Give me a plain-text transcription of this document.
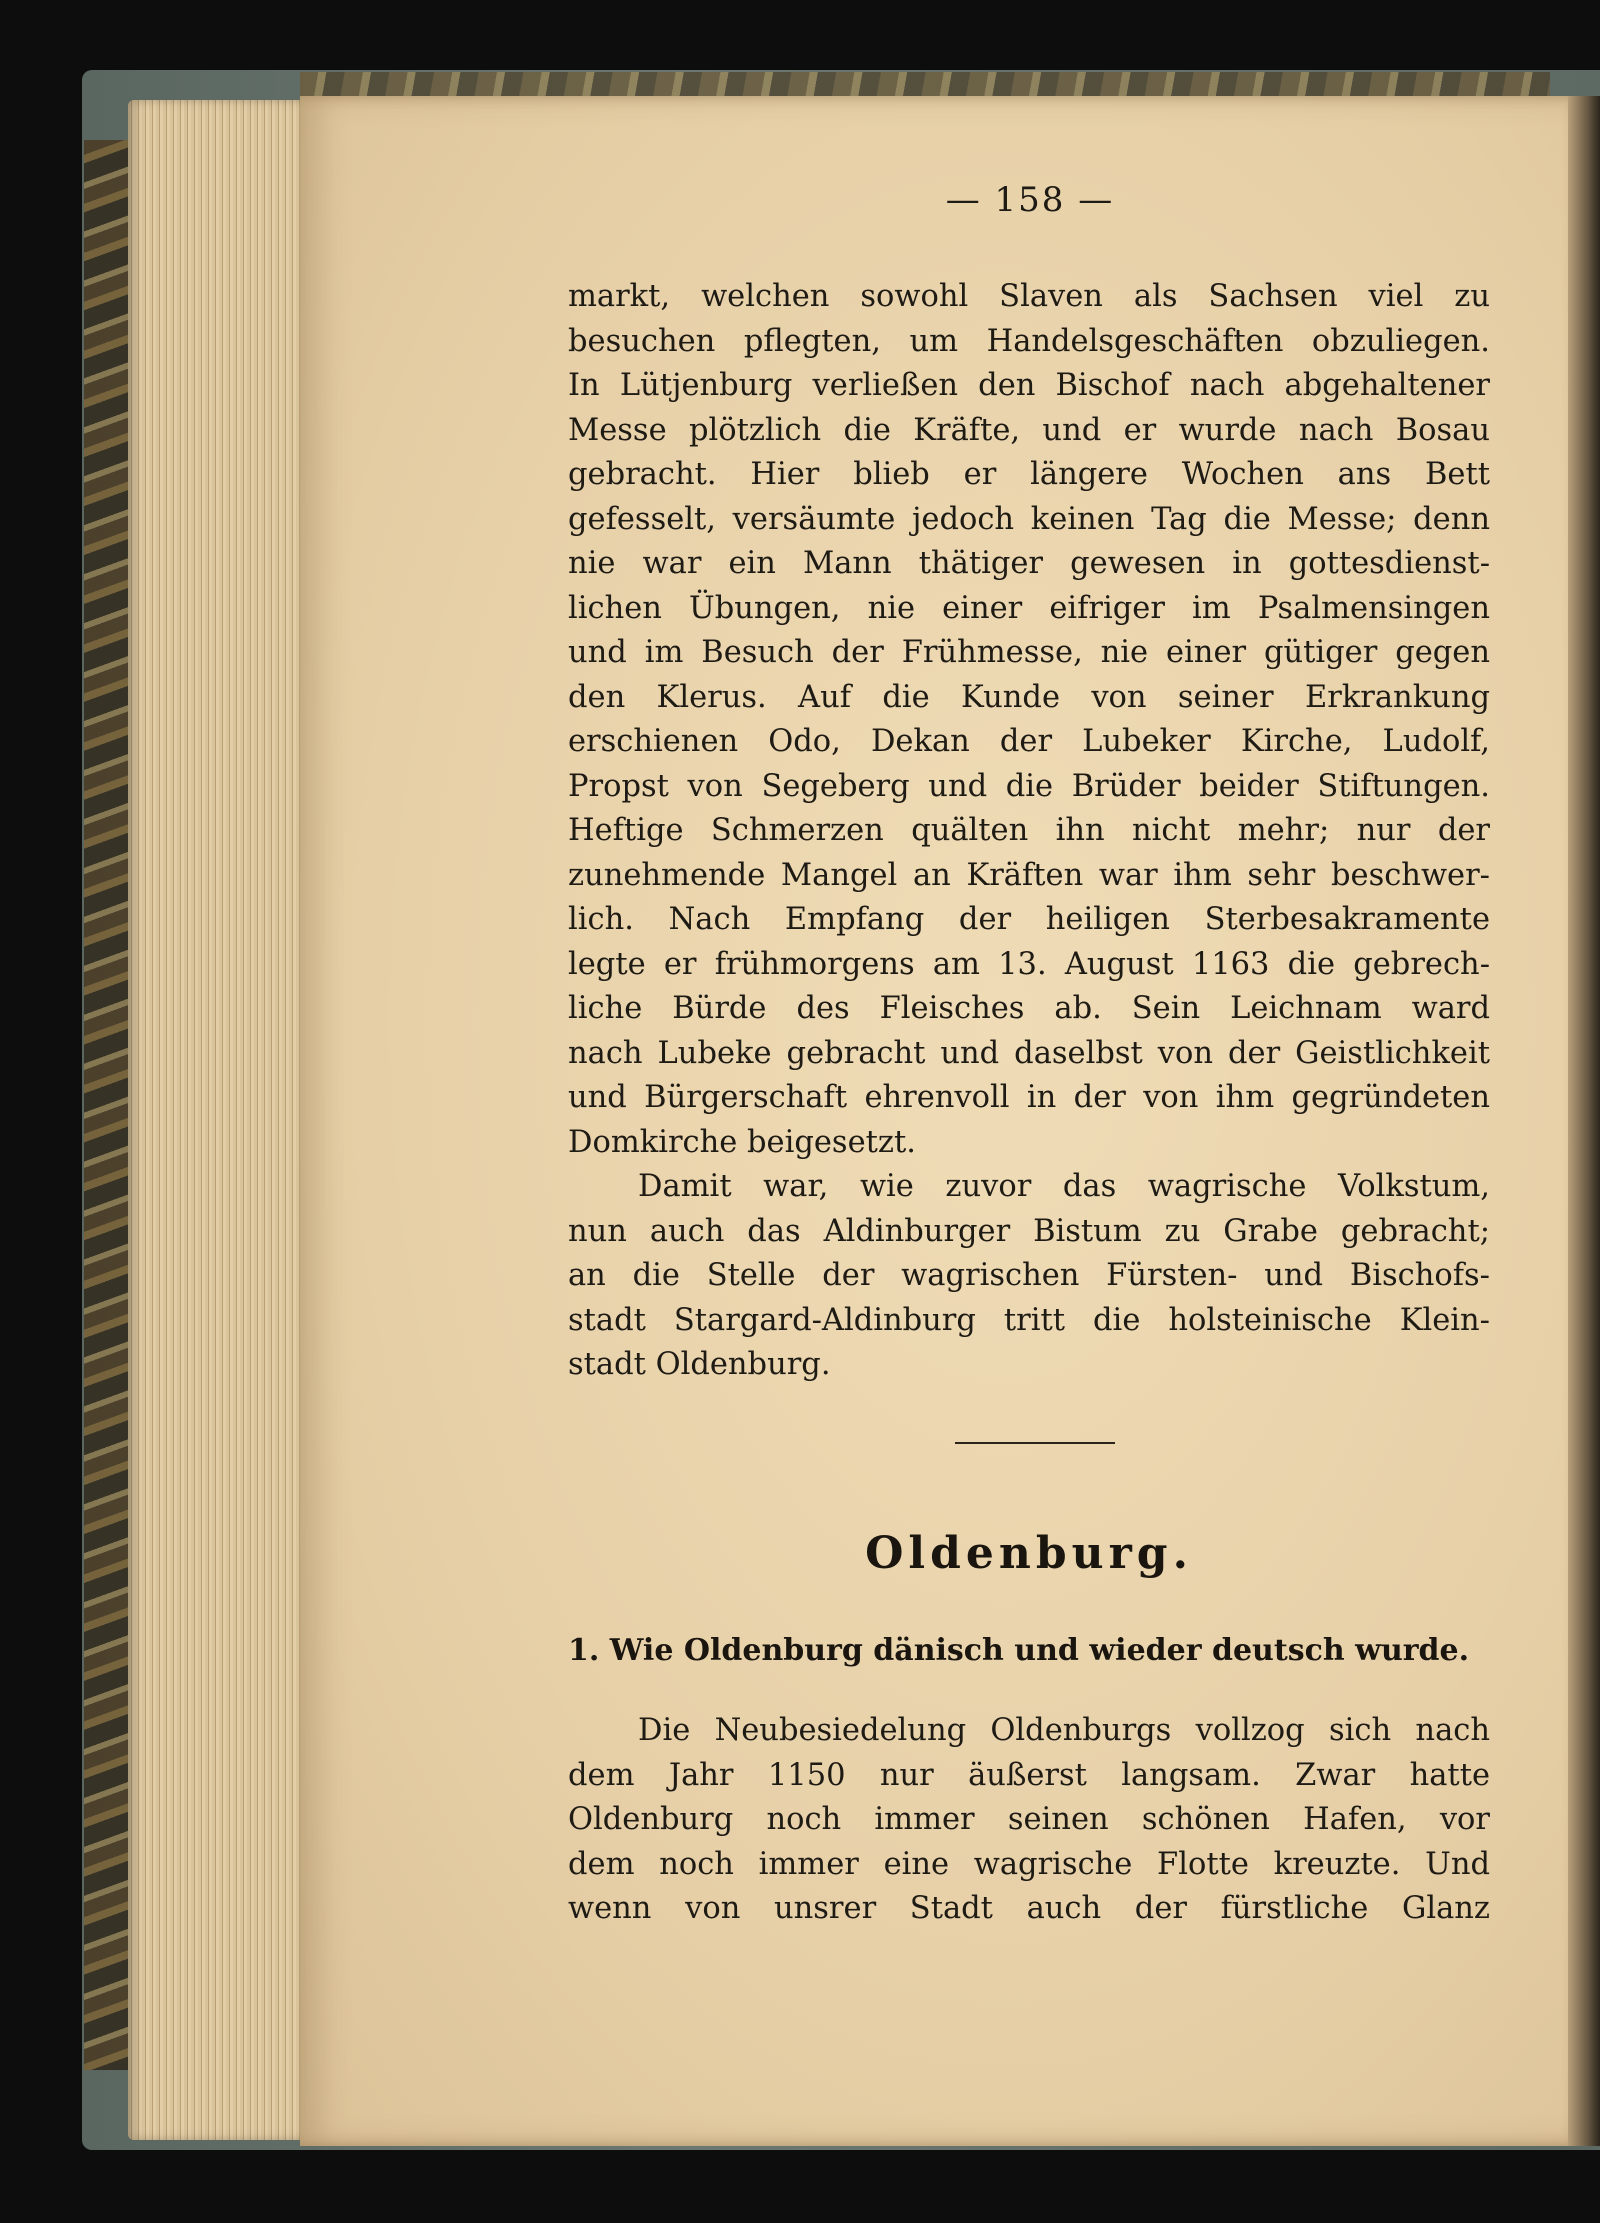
— 158 —
markt, welchen sowohl Slaven als Sachsen viel zu
besuchen pflegten, um Handelsgeschäften obzuliegen.
In Lütjenburg verließen den Bischof nach abgehaltener
Messe plötzlich die Kräfte, und er wurde nach Bosau
gebracht. Hier blieb er längere Wochen ans Bett
gefesselt, versäumte jedoch keinen Tag die Messe; denn
nie war ein Mann thätiger gewesen in gottesdienst-
lichen Übungen, nie einer eifriger im Psalmensingen
und im Besuch der Frühmesse, nie einer gütiger gegen
den Klerus. Auf die Kunde von seiner Erkrankung
erschienen Odo, Dekan der Lubeker Kirche, Ludolf,
Propst von Segeberg und die Brüder beider Stiftungen.
Heftige Schmerzen quälten ihn nicht mehr; nur der
zunehmende Mangel an Kräften war ihm sehr beschwer-
lich. Nach Empfang der heiligen Sterbesakramente
legte er frühmorgens am 13. August 1163 die gebrech-
liche Bürde des Fleisches ab. Sein Leichnam ward
nach Lubeke gebracht und daselbst von der Geistlichkeit
und Bürgerschaft ehrenvoll in der von ihm gegründeten
Domkirche beigesetzt.
Damit war, wie zuvor das wagrische Volkstum,
nun auch das Aldinburger Bistum zu Grabe gebracht;
an die Stelle der wagrischen Fürsten- und Bischofs-
stadt Stargard-Aldinburg tritt die holsteinische Klein-
stadt Oldenburg.
Oldenburg.
1. Wie Oldenburg dänisch und wieder deutsch wurde.
Die Neubesiedelung Oldenburgs vollzog sich nach
dem Jahr 1150 nur äußerst langsam. Zwar hatte
Oldenburg noch immer seinen schönen Hafen, vor
dem noch immer eine wagrische Flotte kreuzte. Und
wenn von unsrer Stadt auch der fürstliche Glanz
